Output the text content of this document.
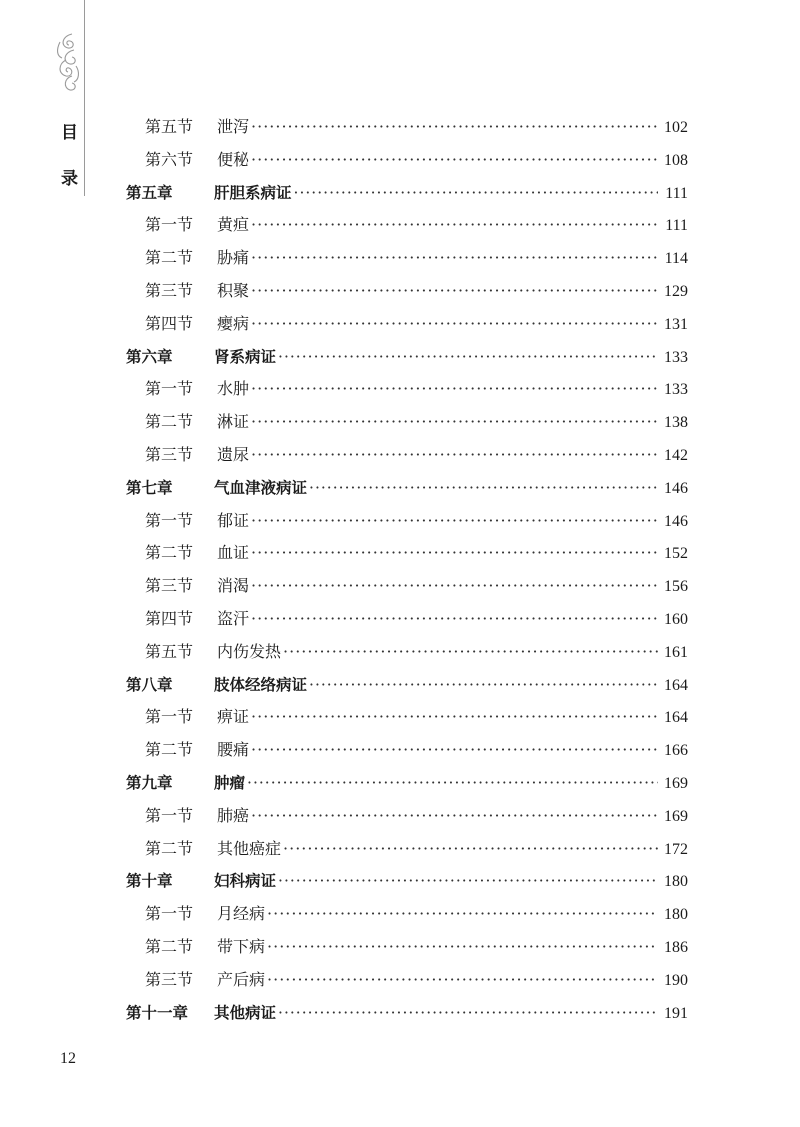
目
录
第五节	泄泻 ·····	102
第六节	便秘 ·····	108
第五章	肝胆系病证 ·····	111
第一节	黄疸 ·····	111
第二节	胁痛 ·····	114
第三节	积聚 ·····	129
第四节	瘿病 ·····	131
第六章	肾系病证 ·····	133
第一节	水肿 ·····	133
第二节	淋证 ·····	138
第三节	遗尿 ·····	142
第七章	气血津液病证 ·····	146
第一节	郁证 ·····	146
第二节	血证 ·····	152
第三节	消渴 ·····	156
第四节	盗汗 ·····	160
第五节	内伤发热 ·····	161
第八章	肢体经络病证 ·····	164
第一节	痹证 ·····	164
第二节	腰痛 ·····	166
第九章	肿瘤 ·····	169
第一节	肺癌 ·····	169
第二节	其他癌症 ·····	172
第十章	妇科病证 ·····	180
第一节	月经病 ·····	180
第二节	带下病 ·····	186
第三节	产后病 ·····	190
第十一章	其他病证 ·····	191
12
